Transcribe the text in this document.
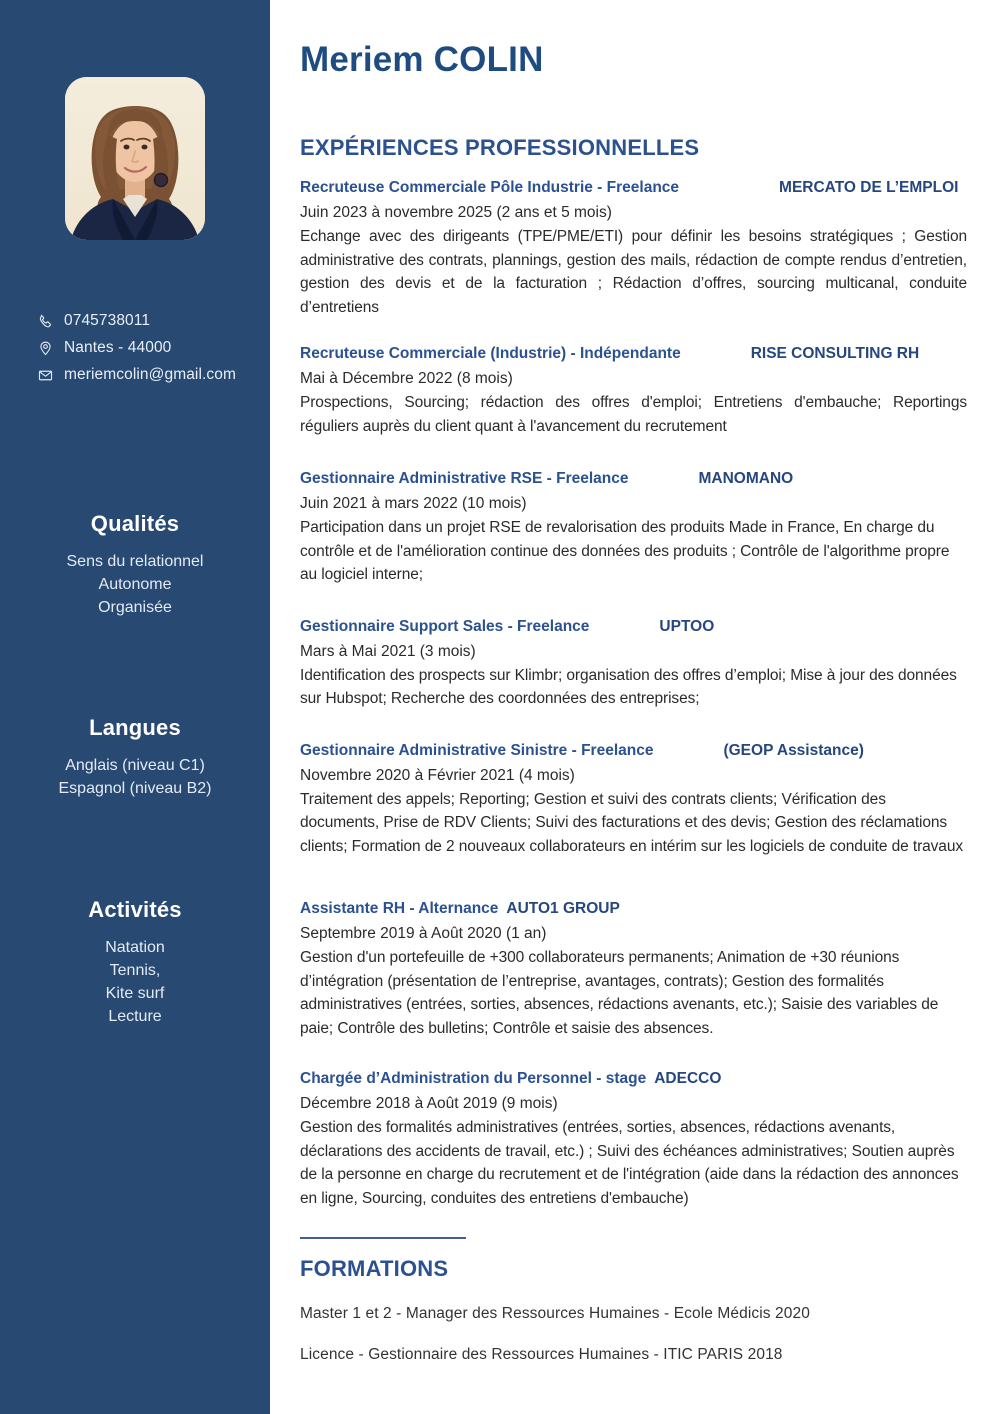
0745738011
Nantes - 44000
meriemcolin@gmail.com
Qualités
Sens du relationnel
Autonome
Organisée
Langues
Anglais (niveau C1)
Espagnol (niveau B2)
Activités
Natation
Tennis,
Kite surf
Lecture
Meriem COLIN
EXPÉRIENCES PROFESSIONNELLES

Recruteuse Commerciale Pôle Industrie - Freelance	MERCATO DE L’EMPLOI

Juin 2023 à novembre 2025 (2 ans et 5 mois)

Echange avec des dirigeants (TPE/PME/ETI) pour définir les besoins stratégiques ; Gestion administrative des contrats, plannings, gestion des mails, rédaction de compte rendus d’entretien, gestion des devis et de la facturation ; Rédaction d’offres, sourcing multicanal, conduite d’entretiens

Recruteuse Commerciale (Industrie) - Indépendante	RISE CONSULTING RH

Mai à Décembre 2022 (8 mois)

Prospections, Sourcing; rédaction des offres d'emploi; Entretiens d'embauche; Reportings réguliers auprès du client quant à l'avancement du recrutement

Gestionnaire Administrative RSE - Freelance	MANOMANO

Juin 2021 à mars 2022 (10 mois)

Participation dans un projet RSE de revalorisation des produits Made in France, En charge du contrôle et de l'amélioration continue des données des produits ; Contrôle de l'algorithme propre au logiciel interne;

Gestionnaire Support Sales - Freelance	UPTOO

Mars à Mai 2021 (3 mois)

Identification des prospects sur Klimbr; organisation des offres d’emploi; Mise à jour des données sur Hubspot; Recherche des coordonnées des entreprises;

Gestionnaire Administrative Sinistre - Freelance	(GEOP Assistance)

Novembre 2020 à Février 2021 (4 mois)

Traitement des appels; Reporting; Gestion et suivi des contrats clients; Vérification des documents, Prise de RDV Clients; Suivi des facturations et des devis; Gestion des réclamations clients; Formation de 2 nouveaux collaborateurs en intérim sur les logiciels de conduite de travaux

Assistante RH - Alternance AUTO1 GROUP

Septembre 2019 à Août 2020 (1 an)

Gestion d'un portefeuille de +300 collaborateurs permanents; Animation de +30 réunions d’intégration (présentation de l’entreprise, avantages, contrats); Gestion des formalités administratives (entrées, sorties, absences, rédactions avenants, etc.); Saisie des variables de paie; Contrôle des bulletins; Contrôle et saisie des absences.

Chargée d’Administration du Personnel - stage ADECCO

Décembre 2018 à Août 2019 (9 mois)

Gestion des formalités administratives (entrées, sorties, absences, rédactions avenants, déclarations des accidents de travail, etc.) ; Suivi des échéances administratives; Soutien auprès de la personne en charge du recrutement et de l'intégration (aide dans la rédaction des annonces en ligne, Sourcing, conduites des entretiens d'embauche)

FORMATIONS

Master 1 et 2 - Manager des Ressources Humaines - Ecole Médicis 2020

Licence - Gestionnaire des Ressources Humaines - ITIC PARIS 2018
